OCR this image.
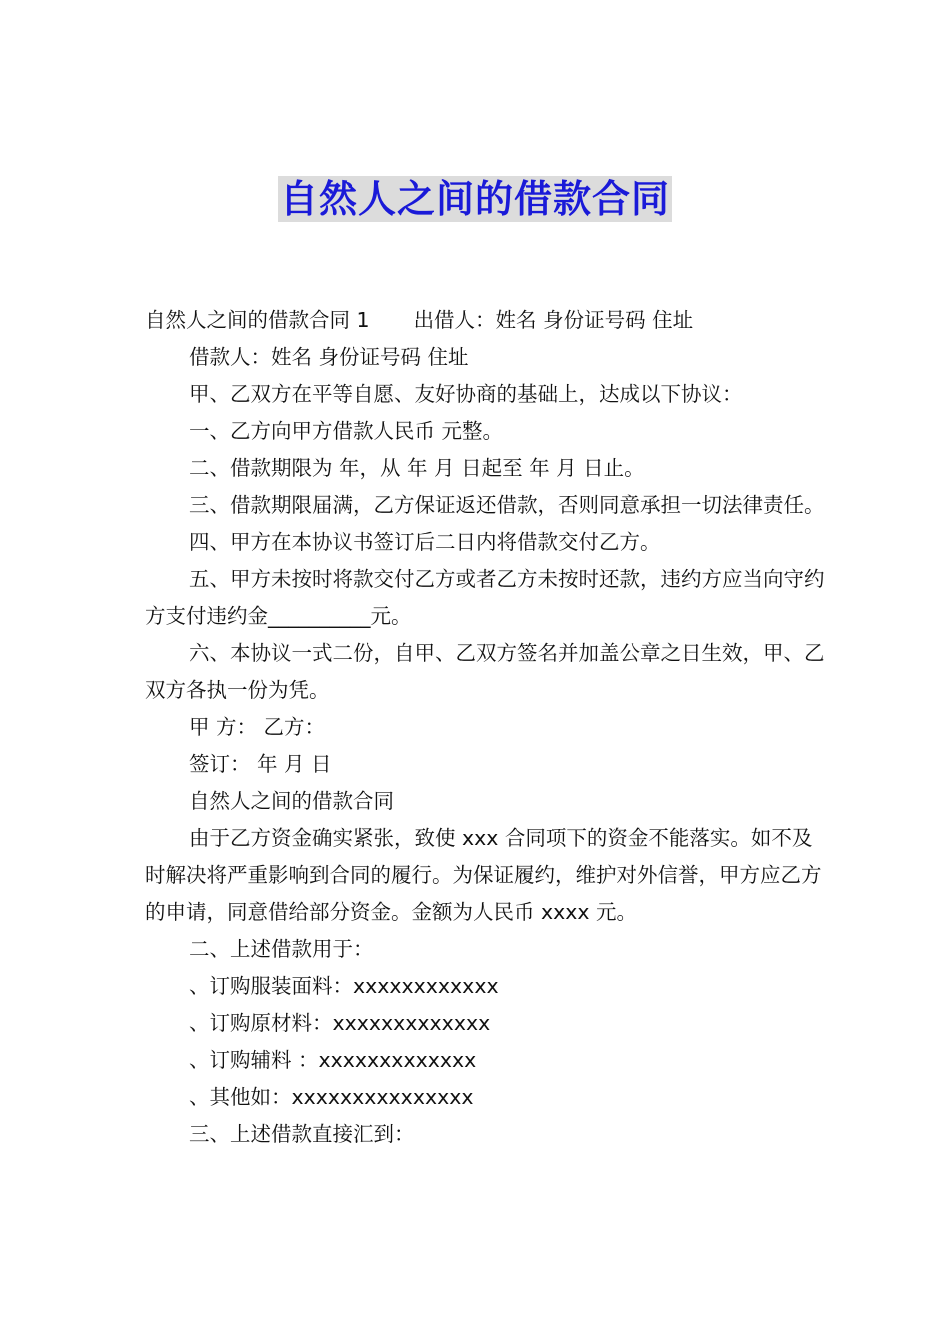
自然人之间的借款合同

自然人之间的借款合同 1 出借人：姓名 身份证号码 住址

借款人：姓名 身份证号码 住址

甲、乙双方在平等自愿、友好协商的基础上，达成以下协议：

一、乙方向甲方借款人民币 元整。

二、借款期限为 年，从 年 月 日起至 年 月 日止。

三、借款期限届满，乙方保证返还借款，否则同意承担一切法律责任。

四、甲方在本协议书签订后二日内将借款交付乙方。

五、甲方未按时将款交付乙方或者乙方未按时还款，违约方应当向守约方支付违约金__________元。

六、本协议一式二份，自甲、乙双方签名并加盖公章之日生效，甲、乙双方各执一份为凭。

甲 方： 乙方：

签订： 年 月 日

自然人之间的借款合同

由于乙方资金确实紧张，致使 xxx 合同项下的资金不能落实。如不及时解决将严重影响到合同的履行。为保证履约，维护对外信誉，甲方应乙方的申请，同意借给部分资金。金额为人民币 xxxx 元。

二、上述借款用于：

、订购服装面料：xxxxxxxxxxxx

、订购原材料：xxxxxxxxxxxxx

、订购辅料 ：xxxxxxxxxxxxx

、其他如：xxxxxxxxxxxxxxx

三、上述借款直接汇到：
